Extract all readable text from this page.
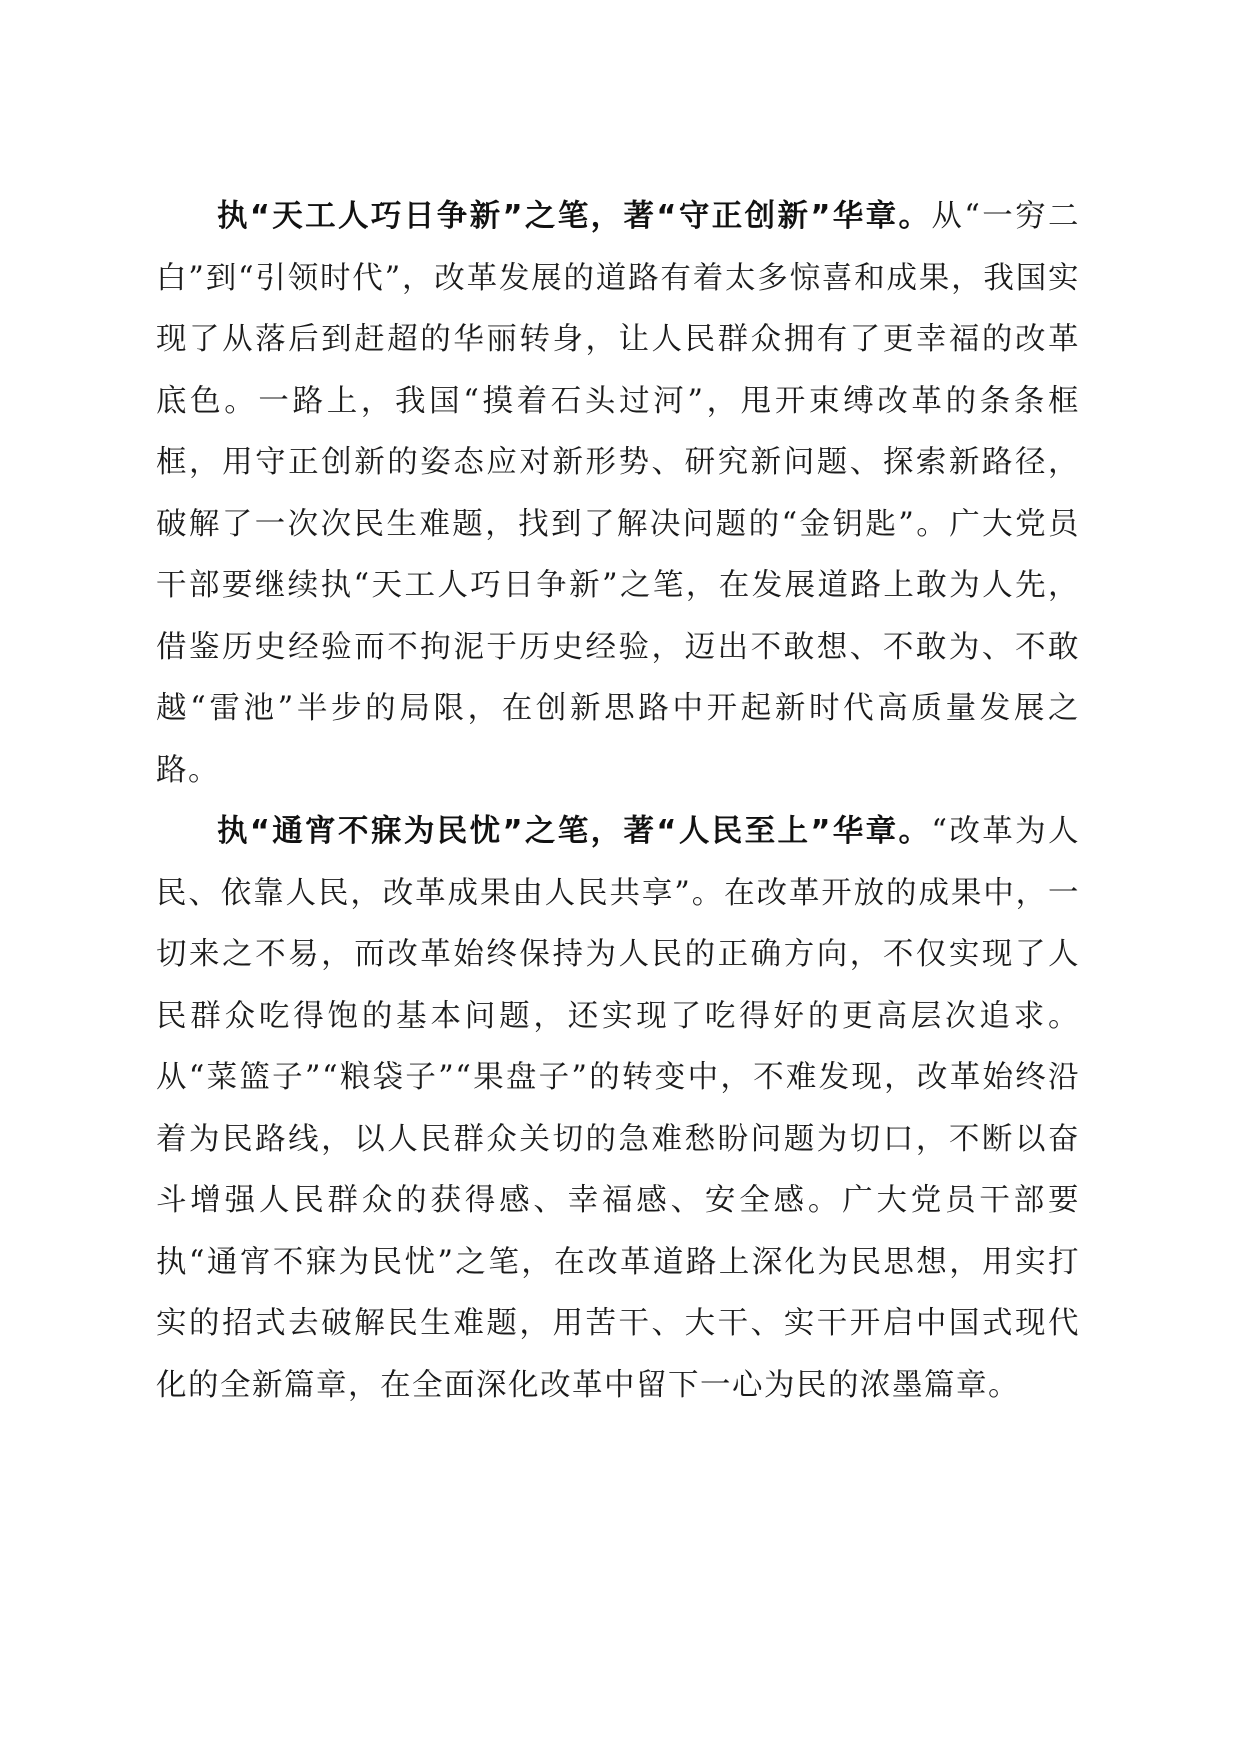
执“天工人巧日争新”之笔，著“守正创新”华章。从“一穷二白”到“引领时代”，改革发展的道路有着太多惊喜和成果，我国实现了从落后到赶超的华丽转身，让人民群众拥有了更幸福的改革底色。一路上，我国“摸着石头过河”，甩开束缚改革的条条框框，用守正创新的姿态应对新形势、研究新问题、探索新路径，破解了一次次民生难题，找到了解决问题的“金钥匙”。广大党员干部要继续执“天工人巧日争新”之笔，在发展道路上敢为人先，借鉴历史经验而不拘泥于历史经验，迈出不敢想、不敢为、不敢越“雷池”半步的局限，在创新思路中开起新时代高质量发展之路。

执“通宵不寐为民忧”之笔，著“人民至上”华章。“改革为人民、依靠人民，改革成果由人民共享”。在改革开放的成果中，一切来之不易，而改革始终保持为人民的正确方向，不仅实现了人民群众吃得饱的基本问题，还实现了吃得好的更高层次追求。从“菜篮子”“粮袋子”“果盘子”的转变中，不难发现，改革始终沿着为民路线，以人民群众关切的急难愁盼问题为切口，不断以奋斗增强人民群众的获得感、幸福感、安全感。广大党员干部要执“通宵不寐为民忧”之笔，在改革道路上深化为民思想，用实打实的招式去破解民生难题，用苦干、大干、实干开启中国式现代化的全新篇章，在全面深化改革中留下一心为民的浓墨篇章。
